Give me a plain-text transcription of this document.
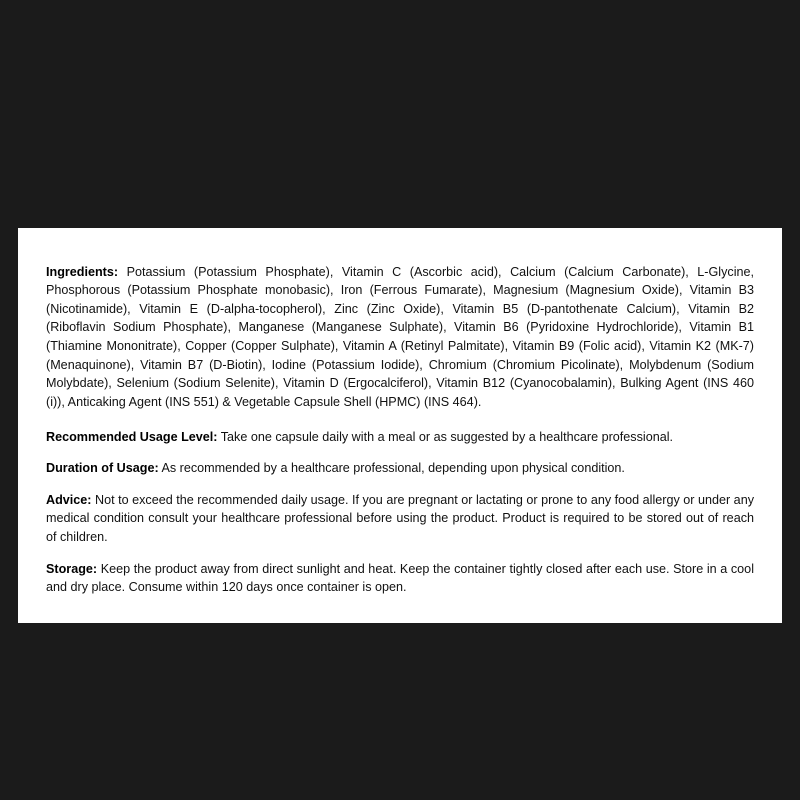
Ingredients: Potassium (Potassium Phosphate), Vitamin C (Ascorbic acid), Calcium (Calcium Carbonate), L-Glycine, Phosphorous (Potassium Phosphate monobasic), Iron (Ferrous Fumarate), Magnesium (Magnesium Oxide), Vitamin B3 (Nicotinamide), Vitamin E (D-alpha-tocopherol), Zinc (Zinc Oxide), Vitamin B5 (D-pantothenate Calcium), Vitamin B2 (Riboflavin Sodium Phosphate), Manganese (Manganese Sulphate), Vitamin B6 (Pyridoxine Hydrochloride), Vitamin B1 (Thiamine Mononitrate), Copper (Copper Sulphate), Vitamin A (Retinyl Palmitate), Vitamin B9 (Folic acid), Vitamin K2 (MK-7) (Menaquinone), Vitamin B7 (D-Biotin), Iodine (Potassium Iodide), Chromium (Chromium Picolinate), Molybdenum (Sodium Molybdate), Selenium (Sodium Selenite), Vitamin D (Ergocalciferol), Vitamin B12 (Cyanocobalamin), Bulking Agent (INS 460 (i)), Anticaking Agent (INS 551) & Vegetable Capsule Shell (HPMC) (INS 464).

Recommended Usage Level: Take one capsule daily with a meal or as suggested by a healthcare professional.

Duration of Usage: As recommended by a healthcare professional, depending upon physical condition.

Advice: Not to exceed the recommended daily usage. If you are pregnant or lactating or prone to any food allergy or under any medical condition consult your healthcare professional before using the product. Product is required to be stored out of reach of children.

Storage: Keep the product away from direct sunlight and heat. Keep the container tightly closed after each use. Store in a cool and dry place. Consume within 120 days once container is open.
